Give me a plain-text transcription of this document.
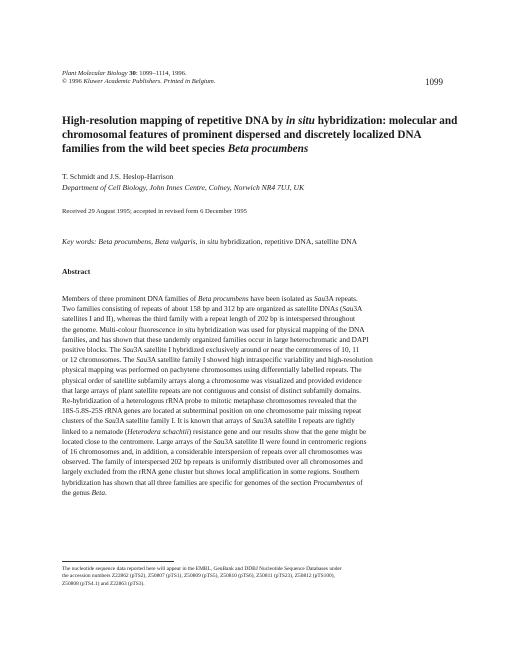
Plant Molecular Biology 30: 1099–1114, 1996.
© 1996 Kluwer Academic Publishers. Printed in Belgium.	1099
High-resolution mapping of repetitive DNA by in situ hybridization: molecular and chromosomal features of prominent dispersed and discretely localized DNA families from the wild beet species Beta procumbens
T. Schmidt and J.S. Heslop-Harrison
Department of Cell Biology, John Innes Centre, Colney, Norwich NR4 7UJ, UK
Received 29 August 1995; accepted in revised form 6 December 1995
Key words: Beta procumbens, Beta vulgaris, in situ hybridization, repetitive DNA, satellite DNA
Abstract
Members of three prominent DNA families of Beta procumbens have been isolated as Sau3A repeats.
Two families consisting of repeats of about 158 bp and 312 bp are organized as satellite DNAs (Sau3A
satellites I and II), whereas the third family with a repeat length of 202 bp is interspersed throughout
the genome. Multi-colour fluorescence in situ hybridization was used for physical mapping of the DNA
families, and has shown that these tandemly organized families occur in large heterochromatic and DAPI
positive blocks. The Sau3A satellite I hybridized exclusively around or near the centromeres of 10, 11
or 12 chromosomes. The Sau3A satellite family I showed high intraspecific variability and high-resolution
physical mapping was performed on pachytene chromosomes using differentially labelled repeats. The
physical order of satellite subfamily arrays along a chromosome was visualized and provided evidence
that large arrays of plant satellite repeats are not contiguous and consist of distinct subfamily domains.
Re-hybridization of a heterologous rRNA probe to mitotic metaphase chromosomes revealed that the
18S-5.8S-25S rRNA genes are located at subterminal position on one chromosome pair missing repeat
clusters of the Sau3A satellite family I. It is known that arrays of Sau3A satellite I repeats are tightly
linked to a nematode (Heterodera schachtii) resistance gene and our results show that the gene might be
located close to the centromere. Large arrays of the Sau3A satellite II were found in centromeric regions
of 16 chromosomes and, in addition, a considerable interspersion of repeats over all chromosomes was
observed. The family of interspersed 202 bp repeats is uniformly distributed over all chromosomes and
largely excluded from the rRNA gene cluster but shows local amplification in some regions. Southern
hybridization has shown that all three families are specific for genomes of the section Procumbentes of
the genus Beta.
The nucleotide sequence data reported here will appear in the EMBL, GenBank and DDBJ Nucleotide Sequence Databases under
the accession numbers Z22862 (pTS2), Z50807 (pTS1), Z50809 (pTS5), Z50810 (pTS6), Z50811 (pTS23), Z50812 (pTS100),
Z50808 (pTS4.1) and Z22863 (pTS3).
